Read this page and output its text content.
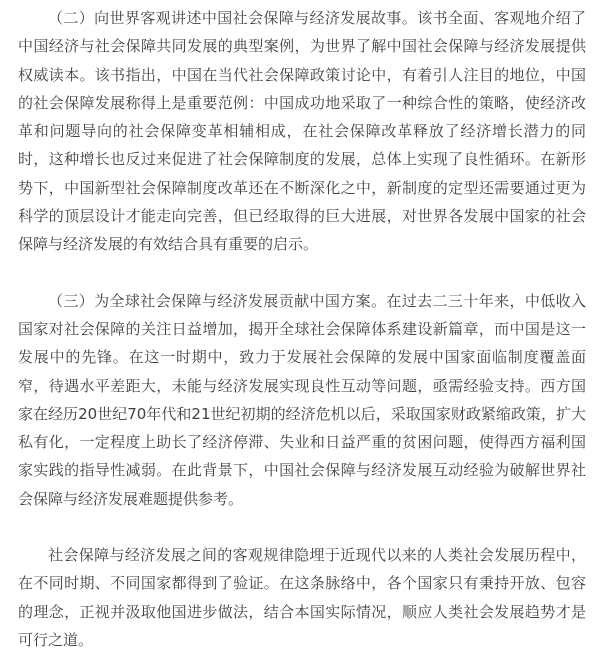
（二）向世界客观讲述中国社会保障与经济发展故事。该书全面、客观地介绍了中国经济与社会保障共同发展的典型案例，为世界了解中国社会保障与经济发展提供权威读本。该书指出，中国在当代社会保障政策讨论中，有着引人注目的地位，中国的社会保障发展称得上是重要范例：中国成功地采取了一种综合性的策略，使经济改革和问题导向的社会保障变革相辅相成，在社会保障改革释放了经济增长潜力的同时，这种增长也反过来促进了社会保障制度的发展，总体上实现了良性循环。在新形势下，中国新型社会保障制度改革还在不断深化之中，新制度的定型还需要通过更为科学的顶层设计才能走向完善，但已经取得的巨大进展，对世界各发展中国家的社会保障与经济发展的有效结合具有重要的启示。

（三）为全球社会保障与经济发展贡献中国方案。在过去二三十年来，中低收入国家对社会保障的关注日益增加，揭开全球社会保障体系建设新篇章，而中国是这一发展中的先锋。在这一时期中，致力于发展社会保障的发展中国家面临制度覆盖面窄，待遇水平差距大，未能与经济发展实现良性互动等问题，亟需经验支持。西方国家在经历20世纪70年代和21世纪初期的经济危机以后，采取国家财政紧缩政策，扩大私有化，一定程度上助长了经济停滞、失业和日益严重的贫困问题，使得西方福利国家实践的指导性减弱。在此背景下，中国社会保障与经济发展互动经验为破解世界社会保障与经济发展难题提供参考。

社会保障与经济发展之间的客观规律隐埋于近现代以来的人类社会发展历程中，在不同时期、不同国家都得到了验证。在这条脉络中，各个国家只有秉持开放、包容的理念，正视并汲取他国进步做法，结合本国实际情况，顺应人类社会发展趋势才是可行之道。
